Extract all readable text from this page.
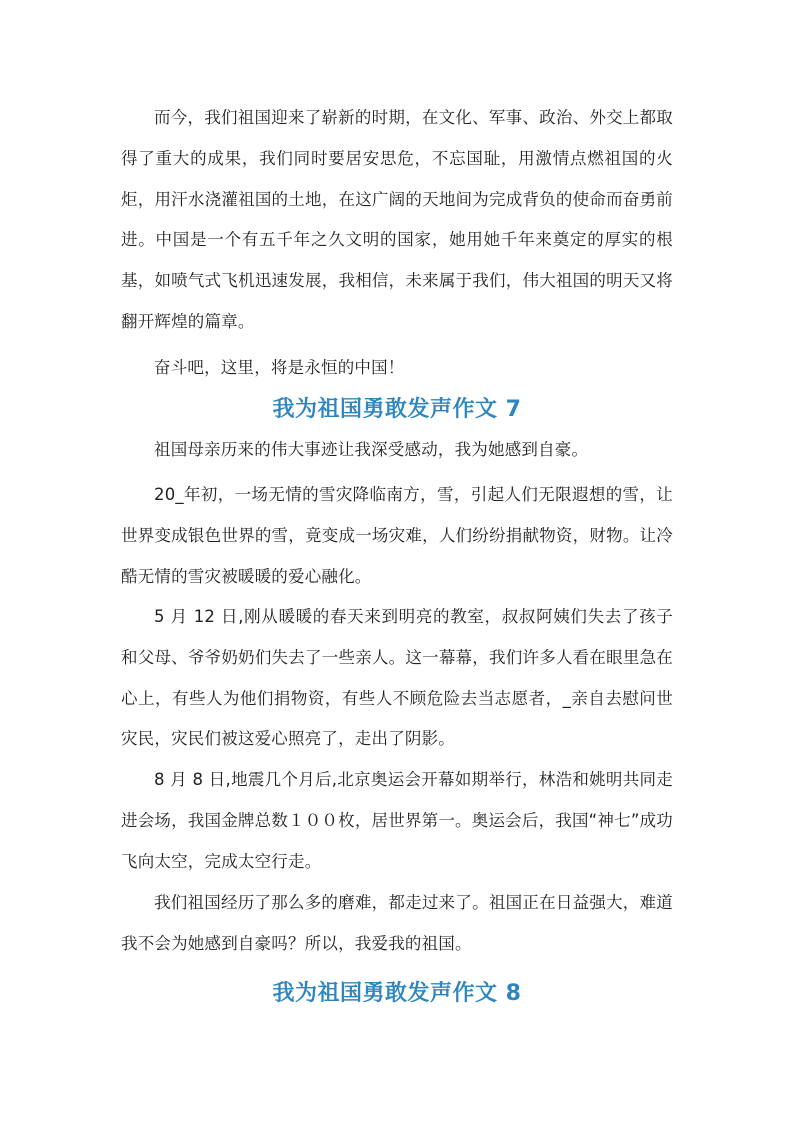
而今，我们祖国迎来了崭新的时期，在文化、军事、政治、外交上都取得了重大的成果，我们同时要居安思危，不忘国耻，用激情点燃祖国的火炬，用汗水浇灌祖国的土地，在这广阔的天地间为完成背负的使命而奋勇前进。中国是一个有五千年之久文明的国家，她用她千年来奠定的厚实的根基，如喷气式飞机迅速发展，我相信，未来属于我们，伟大祖国的明天又将翻开辉煌的篇章。

奋斗吧，这里，将是永恒的中国！

我为祖国勇敢发声作文 7

祖国母亲历来的伟大事迹让我深受感动，我为她感到自豪。

20_年初，一场无情的雪灾降临南方，雪，引起人们无限遐想的雪，让世界变成银色世界的雪，竟变成一场灾难，人们纷纷捐献物资，财物。让冷酷无情的雪灾被暖暖的爱心融化。

5 月 12 日,刚从暖暖的春天来到明亮的教室，叔叔阿姨们失去了孩子和父母、爷爷奶奶们失去了一些亲人。这一幕幕，我们许多人看在眼里急在心上，有些人为他们捐物资，有些人不顾危险去当志愿者，_亲自去慰问世灾民，灾民们被这爱心照亮了，走出了阴影。

8 月 8 日,地震几个月后,北京奥运会开幕如期举行，林浩和姚明共同走进会场，我国金牌总数１００枚，居世界第一。奥运会后，我国“神七”成功飞向太空，完成太空行走。

我们祖国经历了那么多的磨难，都走过来了。祖国正在日益强大，难道我不会为她感到自豪吗？所以，我爱我的祖国。

我为祖国勇敢发声作文 8
